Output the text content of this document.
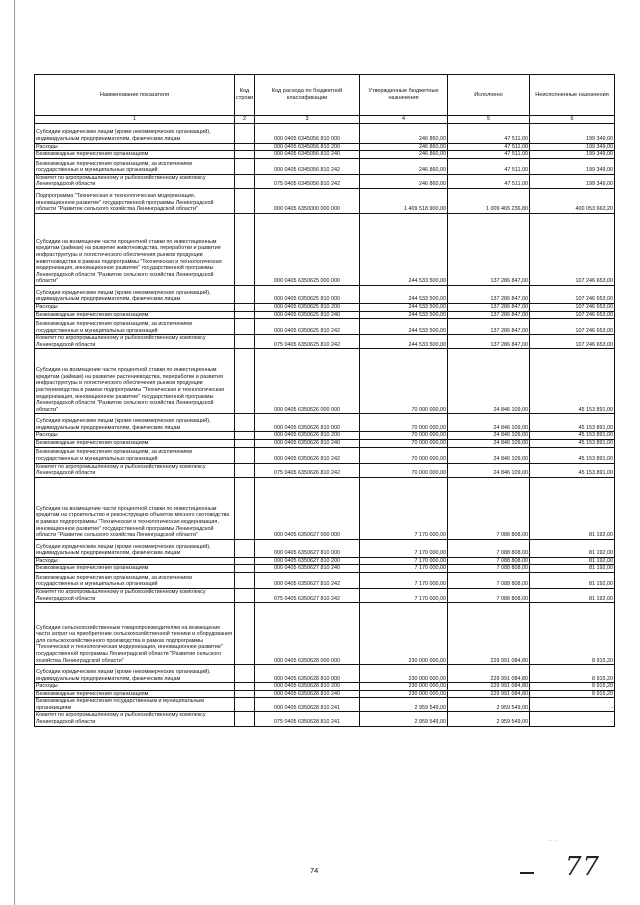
Наименование показателя	Код строки	Код расхода по бюджетной классификации	Утвержденные бюджетные назначения	Исполнено	Неисполненные назначения
1	2	3	4	5	6
Субсидии юридическим лицам (кроме некоммерческих организаций), индивидуальным предпринимателям, физическим лицам		000 0405 6345056 810 000	246 860,00	47 511,00	199 349,00
Расходы		000 0405 6345056 810 200	246 860,00	47 511,00	199 349,00
Безвозмездные перечисления организациям		000 0405 6345056 810 240	246 860,00	47 511,00	199 349,00
Безвозмездные перечисления организациям, за исключением государственных и муниципальных организаций		000 0405 6345056 810 242	246 860,00	47 511,00	199 349,00
Комитет по агропромышленному и рыбохозяйственному комплексу Ленинградской области		075 0405 6345056 810 242	246 860,00	47 511,00	199 349,00
Подпрограмма "Техническая и технологическая модернизация, инновационное развитие" государственной программы Ленинградской области "Развитие сельского хозяйства Ленинградской области"		000 0405 6350000 000 000	1 409 518 900,00	1 009 465 236,80	400 053 663,20
Субсидии на возмещение части процентной ставки по инвестиционным кредитам (займам) на развитие животноводства, переработки и развития инфраструктуры и логистического обеспечения рынков продукции животноводства в рамках подпрограммы "Техническая и технологическая модернизация, инновационное развитие" государственной программы Ленинградской области "Развитие сельского хозяйства Ленинградской области"		000 0405 6350625 000 000	244 533 500,00	137 286 847,00	107 246 653,00
Субсидии юридическим лицам (кроме некоммерческих организаций), индивидуальным предпринимателям, физическим лицам		000 0405 6350625 810 000	244 533 500,00	137 286 847,00	107 246 653,00
Расходы		000 0405 6350625 810 200	244 533 500,00	137 286 847,00	107 246 653,00
Безвозмездные перечисления организациям		000 0405 6350625 810 240	244 533 500,00	137 286 847,00	107 246 653,00
Безвозмездные перечисления организациям, за исключением государственных и муниципальных организаций		000 0405 6350625 810 242	244 533 500,00	137 286 847,00	107 246 653,00
Комитет по агропромышленному и рыбохозяйственному комплексу Ленинградской области		075 0405 6350625 810 242	244 533 500,00	137 286 847,00	107 246 653,00
Субсидии на возмещение части процентной ставки по инвестиционным кредитам (займам) на развитие растениеводства, переработки и развития инфраструктуры и логистического обеспечения рынков продукции растениеводства в рамках подпрограммы "Техническая и технологическая модернизация, инновационное развитие" государственной программы Ленинградской области "Развитие сельского хозяйства Ленинградской области"		000 0405 6350626 000 000	70 000 000,00	24 846 109,00	45 153 891,00
Субсидии юридическим лицам (кроме некоммерческих организаций), индивидуальным предпринимателям, физическим лицам		000 0405 6350626 810 000	70 000 000,00	24 846 109,00	45 153 891,00
Расходы		000 0405 6350626 810 200	70 000 000,00	24 846 109,00	45 153 891,00
Безвозмездные перечисления организациям		000 0405 6350626 810 240	70 000 000,00	24 846 109,00	45 153 891,00
Безвозмездные перечисления организациям, за исключением государственных и муниципальных организаций		000 0405 6350626 810 242	70 000 000,00	24 846 109,00	45 153 891,00
Комитет по агропромышленному и рыбохозяйственному комплексу Ленинградской области		075 0405 6350626 810 242	70 000 000,00	24 846 109,00	45 153 891,00
Субсидии на возмещение части процентной ставки по инвестиционным кредитам на строительство и реконструкцию объектов мясного скотоводства в рамках подпрограммы "Техническая и технологическая модернизация, инновационное развитие" государственной программы Ленинградской области "Развитие сельского хозяйства Ленинградской области"		000 0405 6350627 000 000	7 170 000,00	7 088 808,00	81 192,00
Субсидии юридическим лицам (кроме некоммерческих организаций), индивидуальным предпринимателям, физическим лицам		000 0405 6350627 810 000	7 170 000,00	7 088 808,00	81 192,00
Расходы		000 0405 6350627 810 200	7 170 000,00	7 088 808,00	81 192,00
Безвозмездные перечисления организациям		000 0405 6350627 810 240	7 170 000,00	7 088 808,00	81 192,00
Безвозмездные перечисления организациям, за исключением государственных и муниципальных организаций		000 0405 6350627 810 242	7 170 000,00	7 088 808,00	81 192,00
Комитет по агропромышленному и рыбохозяйственному комплексу Ленинградской области		075 0405 6350627 810 242	7 170 000,00	7 088 808,00	81 192,00
Субсидии сельскохозяйственным товаропроизводителям на возмещение части затрат на приобретение сельскохозяйственной техники и оборудования для сельскохозяйственного производства в рамках подпрограммы "Техническая и технологическая модернизация, инновационное развитие" государственной программы Ленинградской области "Развитие сельского хозяйства Ленинградской области"		000 0405 6350628 000 000	230 000 000,00	229 991 084,80	8 915,20
Субсидии юридическим лицам (кроме некоммерческих организаций), индивидуальным предпринимателям, физическим лицам		000 0405 6350628 810 000	230 000 000,00	229 991 084,80	8 915,20
Расходы		000 0405 6350628 810 200	230 000 000,00	229 991 084,80	8 915,20
Безвозмездные перечисления организациям		000 0405 6350628 810 240	230 000 000,00	229 991 084,80	8 915,20
Безвозмездные перечисления государственным и муниципальным организациям		000 0405 6350628 810 241	2 959 549,00	2 959 549,00	-
Комитет по агропромышленному и рыбохозяйственному комплексу Ленинградской области		075 0405 6350628 810 241	2 959 549,00	2 959 549,00	-
· ·  ·
74	77
